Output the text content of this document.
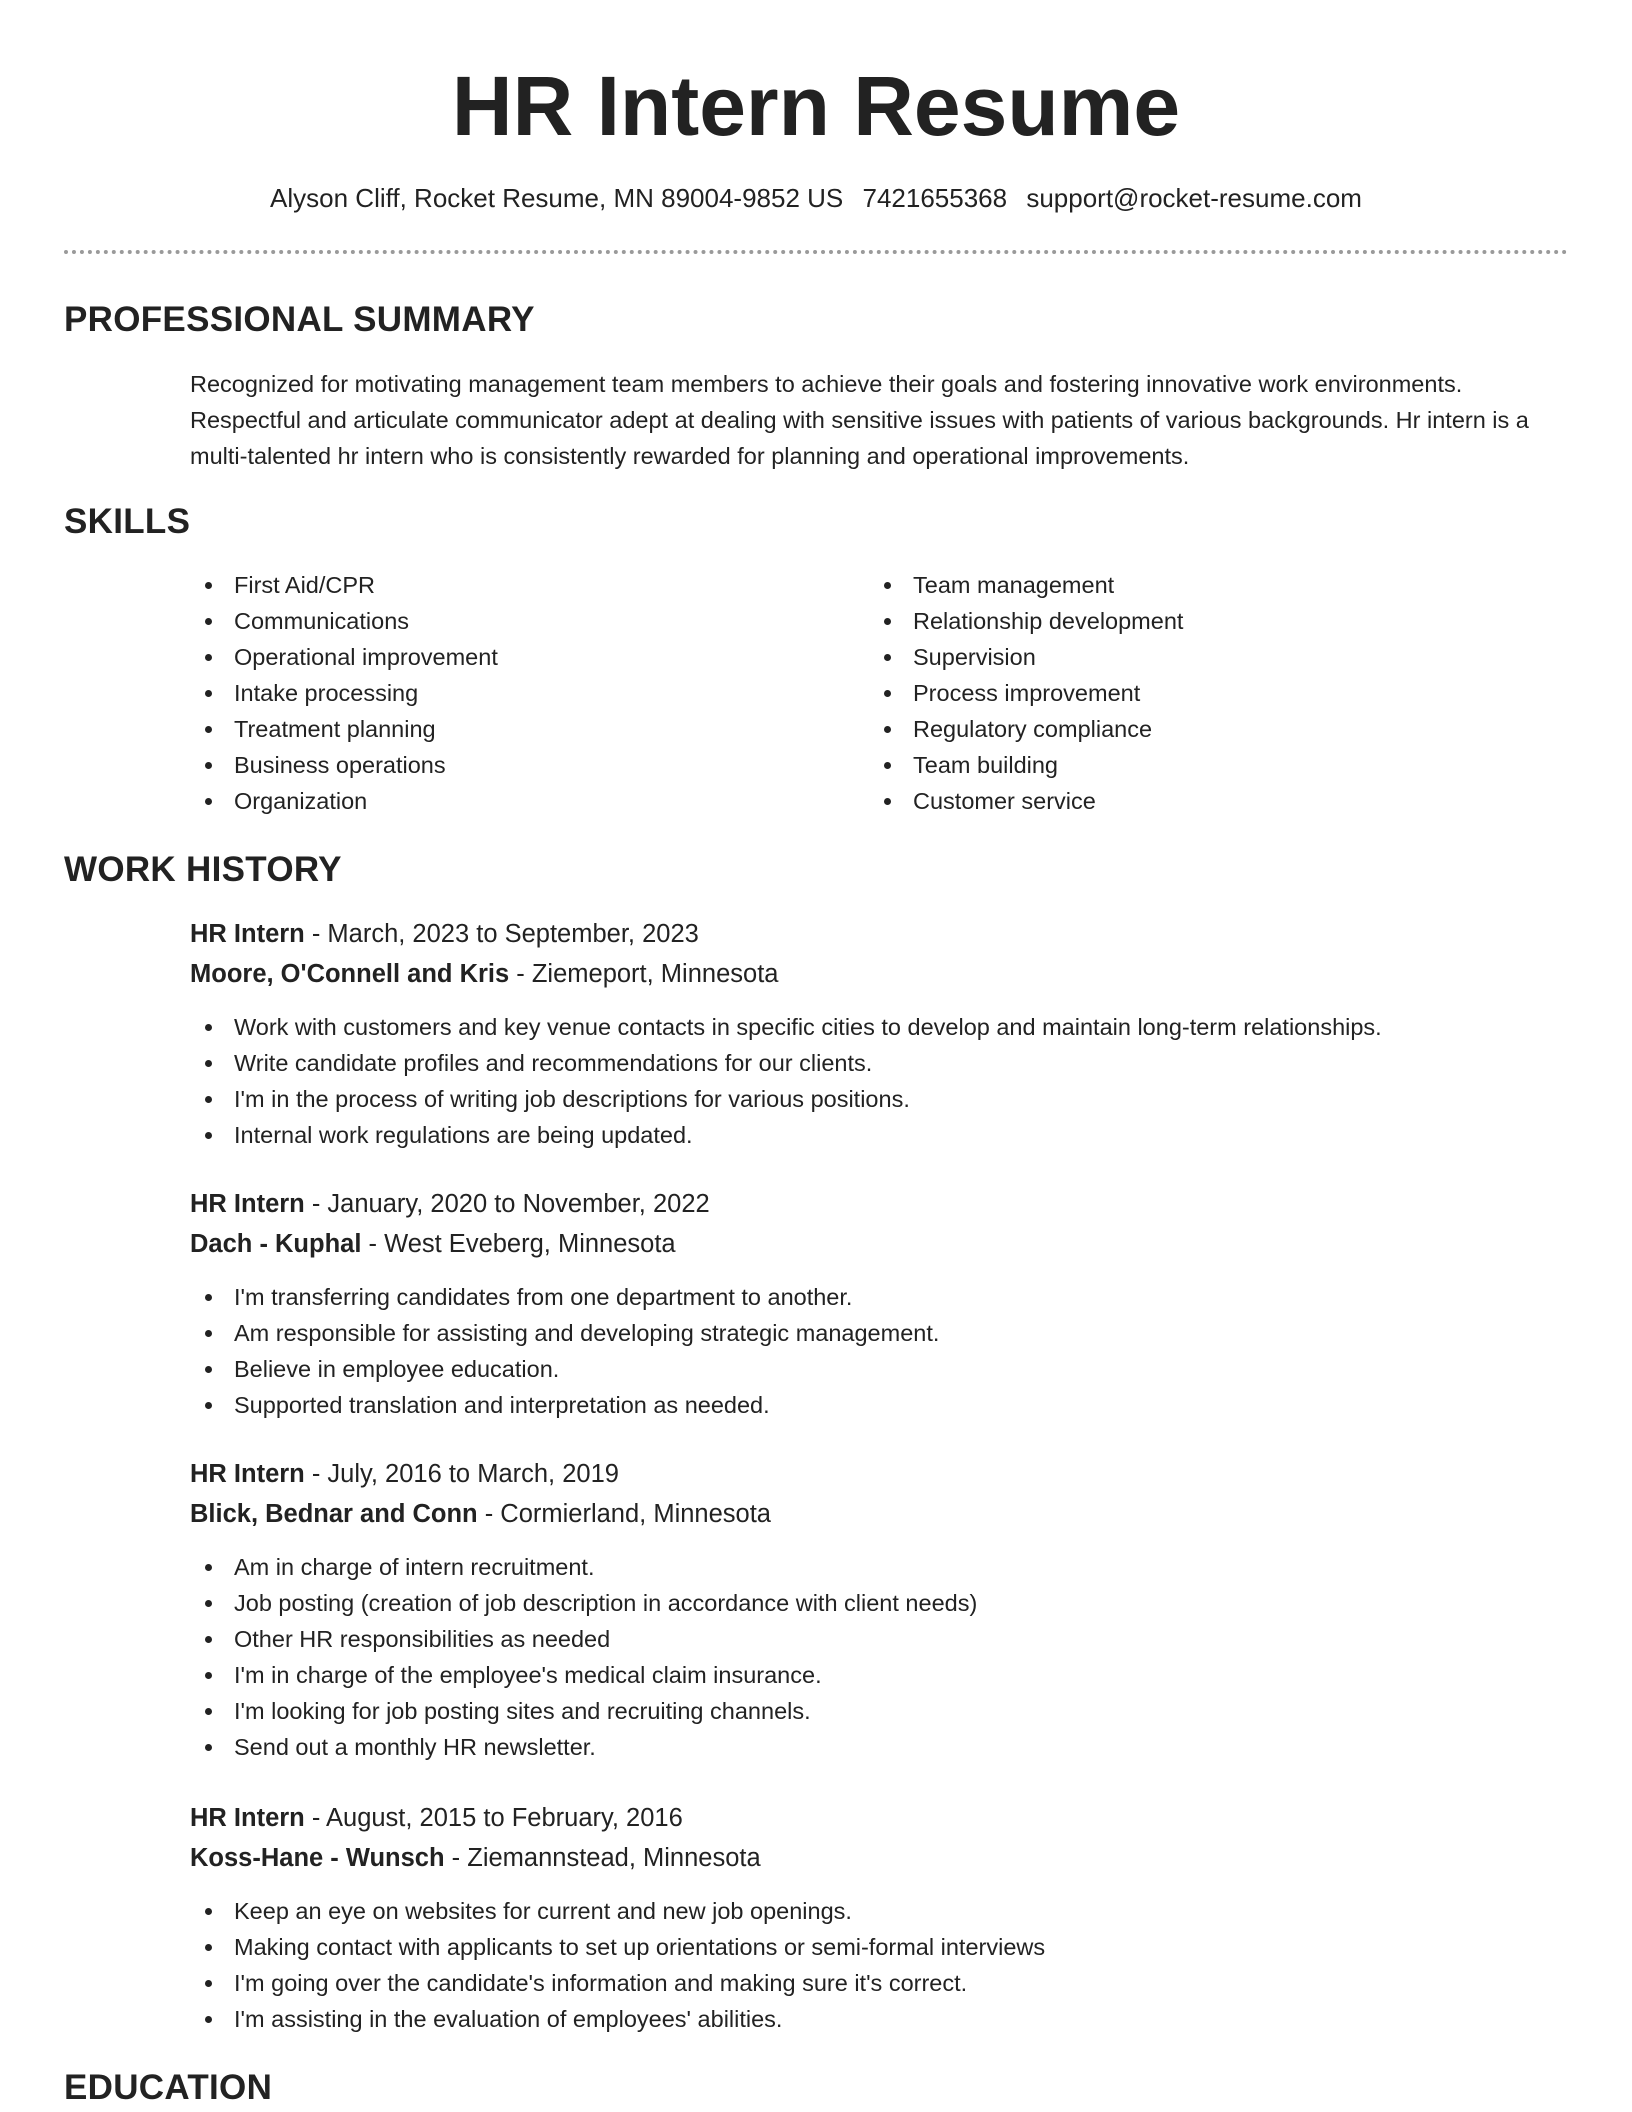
HR Intern Resume
Alyson Cliff, Rocket Resume, MN 89004-9852 US 7421655368 support@rocket-resume.com
PROFESSIONAL SUMMARY
Recognized for motivating management team members to achieve their goals and fostering innovative work environments. Respectful and articulate communicator adept at dealing with sensitive issues with patients of various backgrounds. Hr intern is a multi-talented hr intern who is consistently rewarded for planning and operational improvements.
SKILLS
First Aid/CPR
Communications
Operational improvement
Intake processing
Treatment planning
Business operations
Organization
Team management
Relationship development
Supervision
Process improvement
Regulatory compliance
Team building
Customer service
WORK HISTORY
HR Intern - March, 2023 to September, 2023
Moore, O'Connell and Kris - Ziemeport, Minnesota
Work with customers and key venue contacts in specific cities to develop and maintain long-term relationships.
Write candidate profiles and recommendations for our clients.
I'm in the process of writing job descriptions for various positions.
Internal work regulations are being updated.
HR Intern - January, 2020 to November, 2022
Dach - Kuphal - West Eveberg, Minnesota
I'm transferring candidates from one department to another.
Am responsible for assisting and developing strategic management.
Believe in employee education.
Supported translation and interpretation as needed.
HR Intern - July, 2016 to March, 2019
Blick, Bednar and Conn - Cormierland, Minnesota
Am in charge of intern recruitment.
Job posting (creation of job description in accordance with client needs)
Other HR responsibilities as needed
I'm in charge of the employee's medical claim insurance.
I'm looking for job posting sites and recruiting channels.
Send out a monthly HR newsletter.
HR Intern - August, 2015 to February, 2016
Koss-Hane - Wunsch - Ziemannstead, Minnesota
Keep an eye on websites for current and new job openings.
Making contact with applicants to set up orientations or semi-formal interviews
I'm going over the candidate's information and making sure it's correct.
I'm assisting in the evaluation of employees' abilities.
EDUCATION
